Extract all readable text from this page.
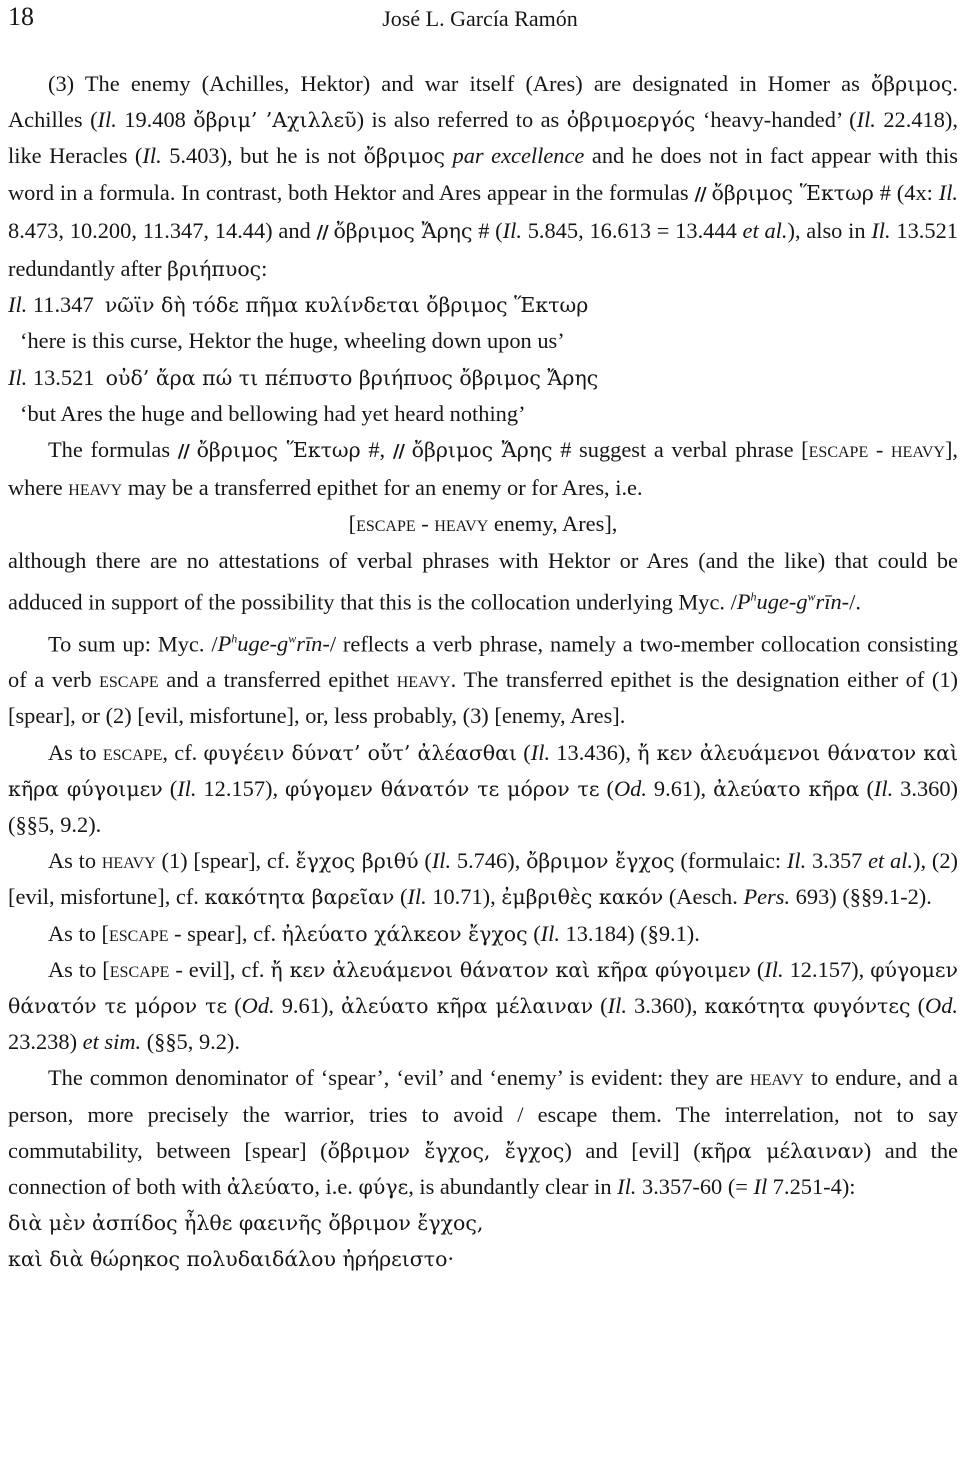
18	José L. García Ramón

(3) The enemy (Achilles, Hektor) and war itself (Ares) are designated in Homer as ὄβριμος. Achilles (Il. 19.408 ὄβριμ’ ’Αχιλλεῦ) is also referred to as ὀβριμοεργός ‘heavy-handed’ (Il. 22.418), like Heracles (Il. 5.403), but he is not ὄβριμος par excellence and he does not in fact appear with this word in a formula. In contrast, both Hektor and Ares appear in the formulas // ὄβριμος Ἕκτωρ # (4x: Il. 8.473, 10.200, 11.347, 14.44) and // ὄβριμος Ἄρης # (Il. 5.845, 16.613 = 13.444 et al.), also in Il. 13.521 redundantly after βριήπυος:

Il. 11.347  νῶϊν δὴ τόδε πῆμα κυλίνδεται ὄβριμος Ἕκτωρ

‘here is this curse, Hektor the huge, wheeling down upon us’

Il. 13.521  οὐδ’ ἄρα πώ τι πέπυστο βριήπυος ὄβριμος Ἄρης

‘but Ares the huge and bellowing had yet heard nothing’

The formulas // ὄβριμος Ἕκτωρ #, // ὄβριμος Ἄρης # suggest a verbal phrase [escape - heavy], where heavy may be a transferred epithet for an enemy or for Ares, i.e.

[escape - heavy enemy, Ares],

although there are no attestations of verbal phrases with Hektor or Ares (and the like) that could be adduced in support of the possibility that this is the collocation underlying Myc. $/P^huge-g^wrīn-/$.

To sum up: Myc. $/P^huge-g^wrīn-/$ reflects a verb phrase, namely a two-member collocation consisting of a verb escape and a transferred epithet heavy. The transferred epithet is the designation either of (1) [spear], or (2) [evil, misfortune], or, less probably, (3) [enemy, Ares].

As to escape, cf. φυγέειν δύνατ’ οὔτ’ ἀλέασθαι (Il. 13.436), ἤ κεν ἀλευάμενοι θάνατον καὶ κῆρα φύγοιμεν (Il. 12.157), φύγομεν θάνατόν τε μόρον τε (Od. 9.61), ἀλεύατο κῆρα (Il. 3.360) (§§5, 9.2).

As to heavy (1) [spear], cf. ἔγχος βριθύ (Il. 5.746), ὄβριμον ἔγχος (formulaic: Il. 3.357 et al.), (2) [evil, misfortune], cf. κακότητα βαρεῖαν (Il. 10.71), ἐμβριθὲς κακόν (Aesch. Pers. 693) (§§9.1-2).

As to [escape - spear], cf. ἠλεύατο χάλκεον ἔγχος (Il. 13.184) (§9.1).

As to [escape - evil], cf. ἤ κεν ἀλευάμενοι θάνατον καὶ κῆρα φύγοιμεν (Il. 12.157), φύγομεν θάνατόν τε μόρον τε (Od. 9.61), ἀλεύατο κῆρα μέλαιναν (Il. 3.360), κακότητα φυγόντες (Od. 23.238) et sim. (§§5, 9.2).

The common denominator of ‘spear’, ‘evil’ and ‘enemy’ is evident: they are heavy to endure, and a person, more precisely the warrior, tries to avoid / escape them. The interrelation, not to say commutability, between [spear] (ὄβριμον ἔγχος, ἔγχος) and [evil] (κῆρα μέλαιναν) and the connection of both with ἀλεύατο, i.e. φύγε, is abundantly clear in Il. 3.357-60 (= Il 7.251-4):

διὰ μὲν ἀσπίδος ἦλθε φαεινῆς ὄβριμον ἔγχος,

καὶ διὰ θώρηκος πολυδαιδάλου ἠρήρειστο·
